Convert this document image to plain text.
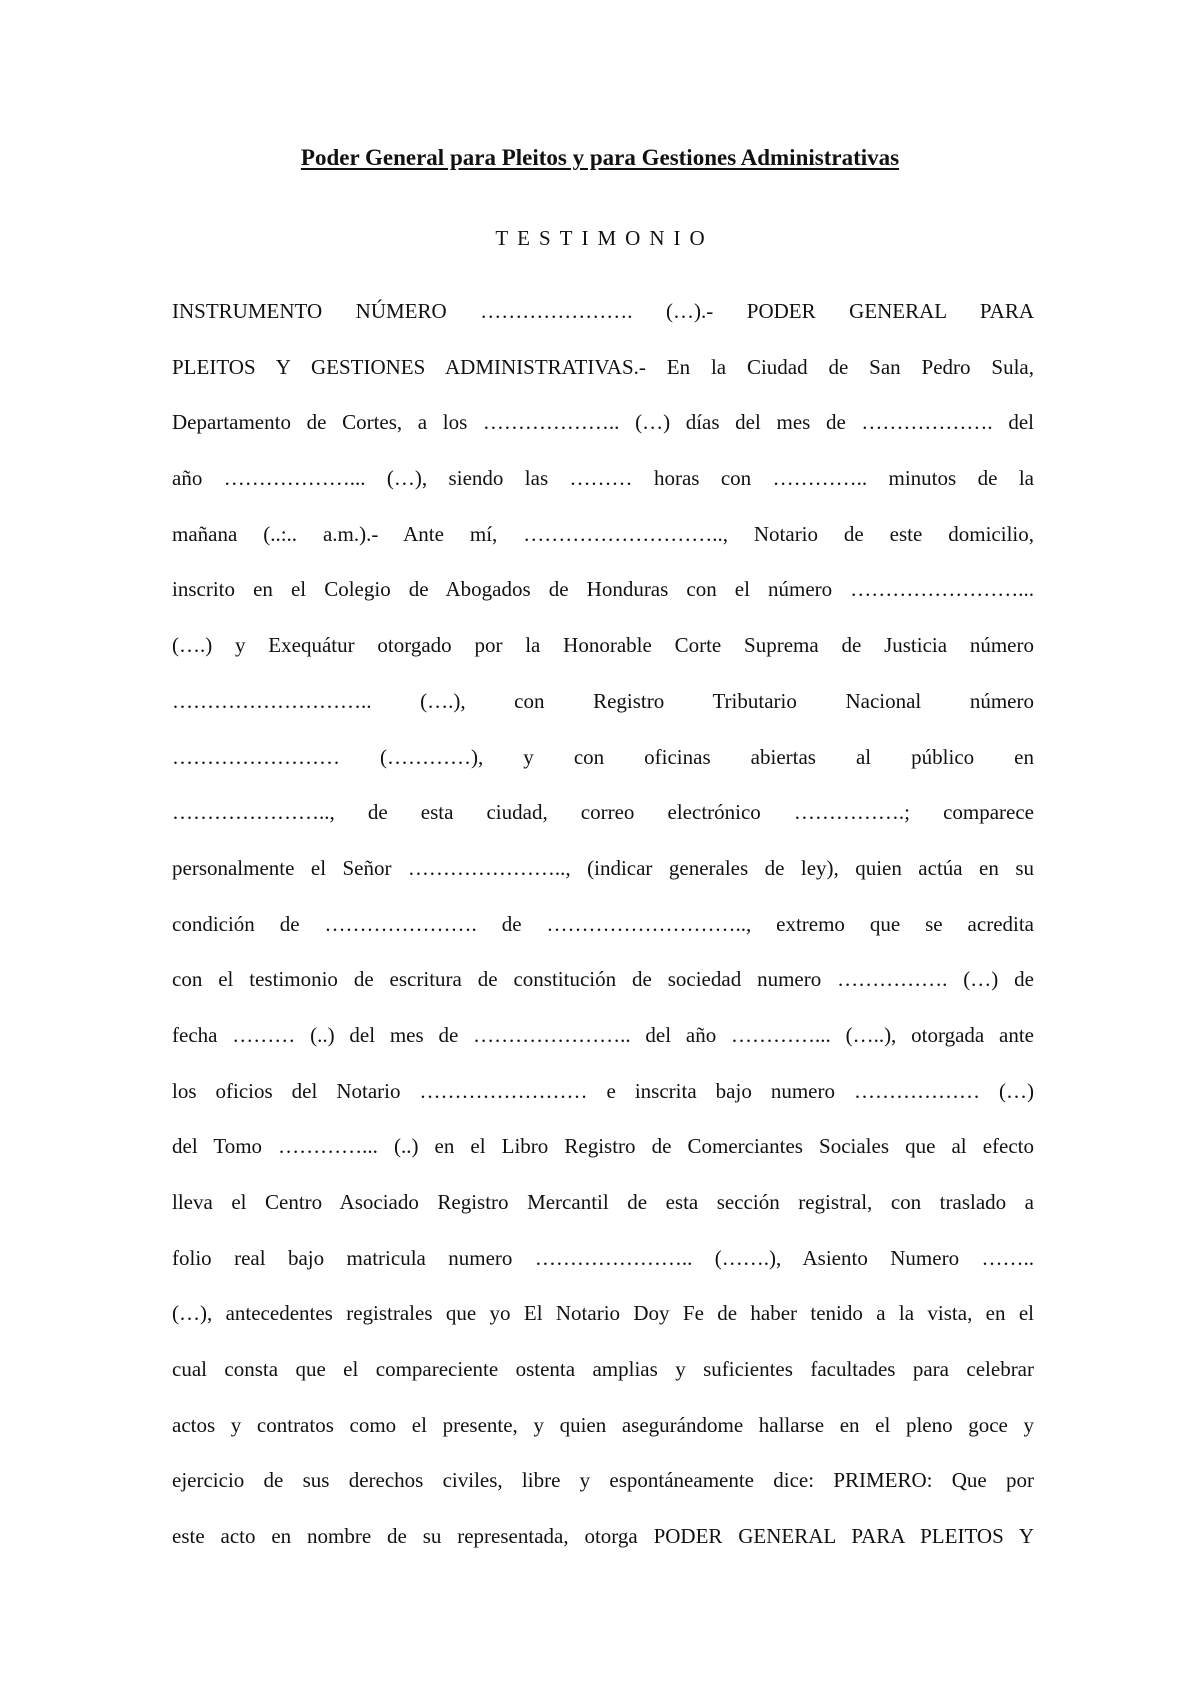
Poder General para Pleitos y para Gestiones Administrativas
TESTIMONIO
INSTRUMENTO NÚMERO …………………. (…).- PODER GENERAL PARA
PLEITOS Y GESTIONES ADMINISTRATIVAS.- En la Ciudad de San Pedro Sula,
Departamento de Cortes, a los ……………….. (…) días del mes de ………………. del
año ………………... (…), siendo las ……… horas con ………….. minutos de la
mañana (..:.. a.m.).- Ante mí, ……………………….., Notario de este domicilio,
inscrito en el Colegio de Abogados de Honduras con el número ……………………...
(….) y Exequátur otorgado por la Honorable Corte Suprema de Justicia número
……………………….. (….), con Registro Tributario Nacional número
…………………… (…………), y con oficinas abiertas al público en
………………….., de esta ciudad, correo electrónico …………….; comparece
personalmente el Señor ………………….., (indicar generales de ley), quien actúa en su
condición de …………………. de ……………………….., extremo que se acredita
con el testimonio de escritura de constitución de sociedad numero ……………. (…) de
fecha ……… (..) del mes de ………………….. del año …………... (…..), otorgada ante
los oficios del Notario …………………… e inscrita bajo numero ……………… (…)
del Tomo …………... (..) en el Libro Registro de Comerciantes Sociales que al efecto
lleva el Centro Asociado Registro Mercantil de esta sección registral, con traslado a
folio real bajo matricula numero ………………….. (…….), Asiento Numero ……..
(…), antecedentes registrales que yo El Notario Doy Fe de haber tenido a la vista, en el
cual consta que el compareciente ostenta amplias y suficientes facultades para celebrar
actos y contratos como el presente, y quien asegurándome hallarse en el pleno goce y
ejercicio de sus derechos civiles, libre y espontáneamente dice: PRIMERO: Que por
este acto en nombre de su representada, otorga PODER GENERAL PARA PLEITOS Y
